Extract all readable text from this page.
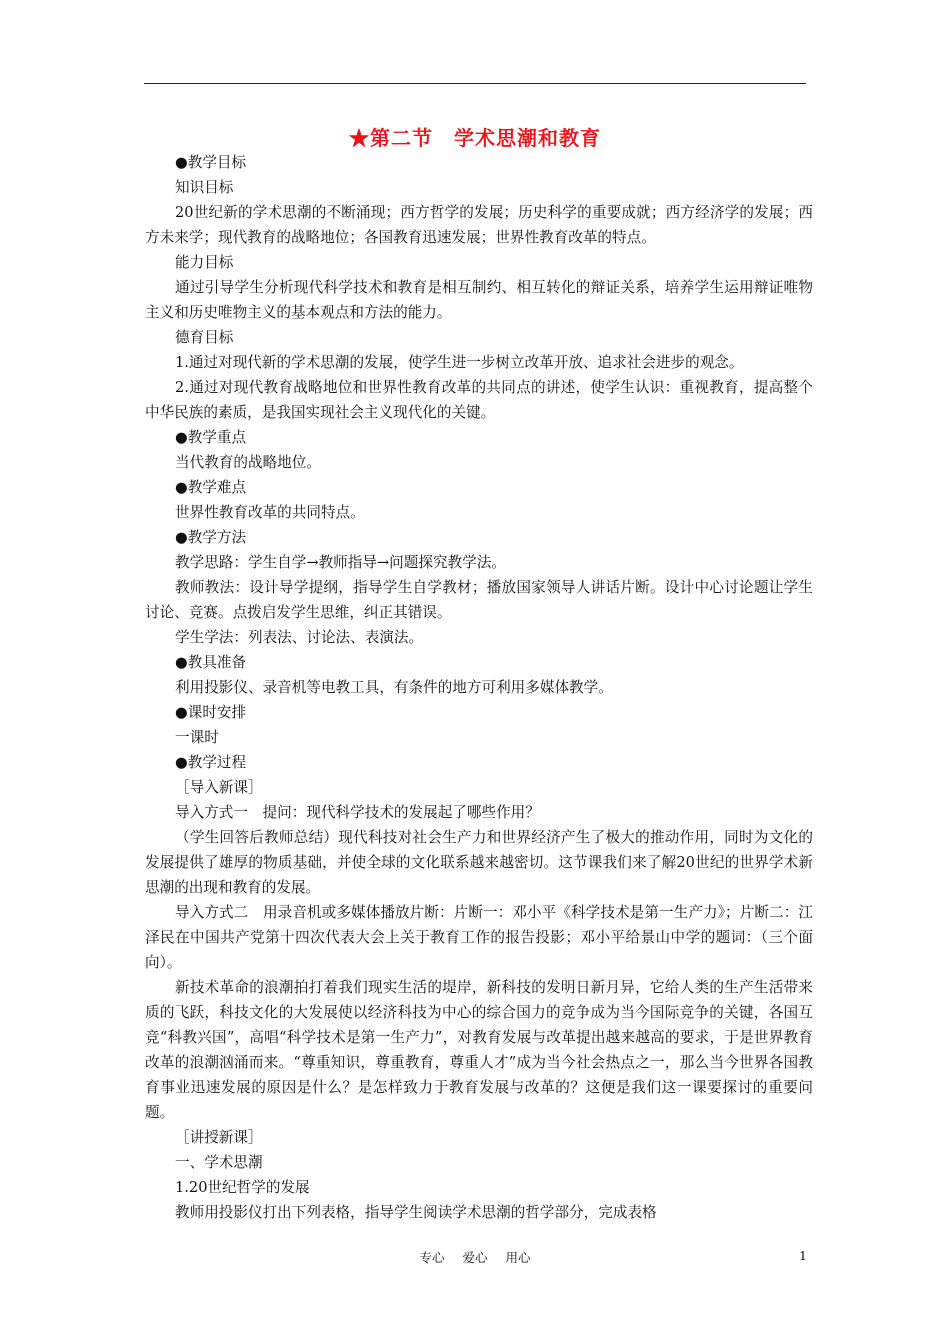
★第二节　学术思潮和教育

●教学目标

知识目标

20世纪新的学术思潮的不断涌现；西方哲学的发展；历史科学的重要成就；西方经济学的发展；西方未来学；现代教育的战略地位；各国教育迅速发展；世界性教育改革的特点。

能力目标

通过引导学生分析现代科学技术和教育是相互制约、相互转化的辩证关系，培养学生运用辩证唯物主义和历史唯物主义的基本观点和方法的能力。

德育目标

1.通过对现代新的学术思潮的发展，使学生进一步树立改革开放、追求社会进步的观念。

2.通过对现代教育战略地位和世界性教育改革的共同点的讲述，使学生认识：重视教育，提高整个中华民族的素质，是我国实现社会主义现代化的关键。

●教学重点

当代教育的战略地位。

●教学难点

世界性教育改革的共同特点。

●教学方法

教学思路：学生自学→教师指导→问题探究教学法。

教师教法：设计导学提纲，指导学生自学教材；播放国家领导人讲话片断。设计中心讨论题让学生讨论、竞赛。点拨启发学生思维，纠正其错误。

学生学法：列表法、讨论法、表演法。

●教具准备

利用投影仪、录音机等电教工具，有条件的地方可利用多媒体教学。

●课时安排

一课时

●教学过程

［导入新课］

导入方式一　提问：现代科学技术的发展起了哪些作用？

（学生回答后教师总结）现代科技对社会生产力和世界经济产生了极大的推动作用，同时为文化的发展提供了雄厚的物质基础，并使全球的文化联系越来越密切。这节课我们来了解20世纪的世界学术新思潮的出现和教育的发展。

导入方式二　用录音机或多媒体播放片断：片断一：邓小平《科学技术是第一生产力》；片断二：江泽民在中国共产党第十四次代表大会上关于教育工作的报告投影；邓小平给景山中学的题词：（三个面向）。

新技术革命的浪潮拍打着我们现实生活的堤岸，新科技的发明日新月异，它给人类的生产生活带来质的飞跃，科技文化的大发展使以经济科技为中心的综合国力的竞争成为当今国际竞争的关键，各国互竞“科教兴国”，高唱“科学技术是第一生产力”，对教育发展与改革提出越来越高的要求，于是世界教育改革的浪潮汹涌而来。“尊重知识，尊重教育，尊重人才”成为当今社会热点之一，那么当今世界各国教育事业迅速发展的原因是什么？是怎样致力于教育发展与改革的？这便是我们这一课要探讨的重要问题。

［讲授新课］

一、学术思潮

1.20世纪哲学的发展

教师用投影仪打出下列表格，指导学生阅读学术思潮的哲学部分，完成表格

专心 爱心 用心	1
